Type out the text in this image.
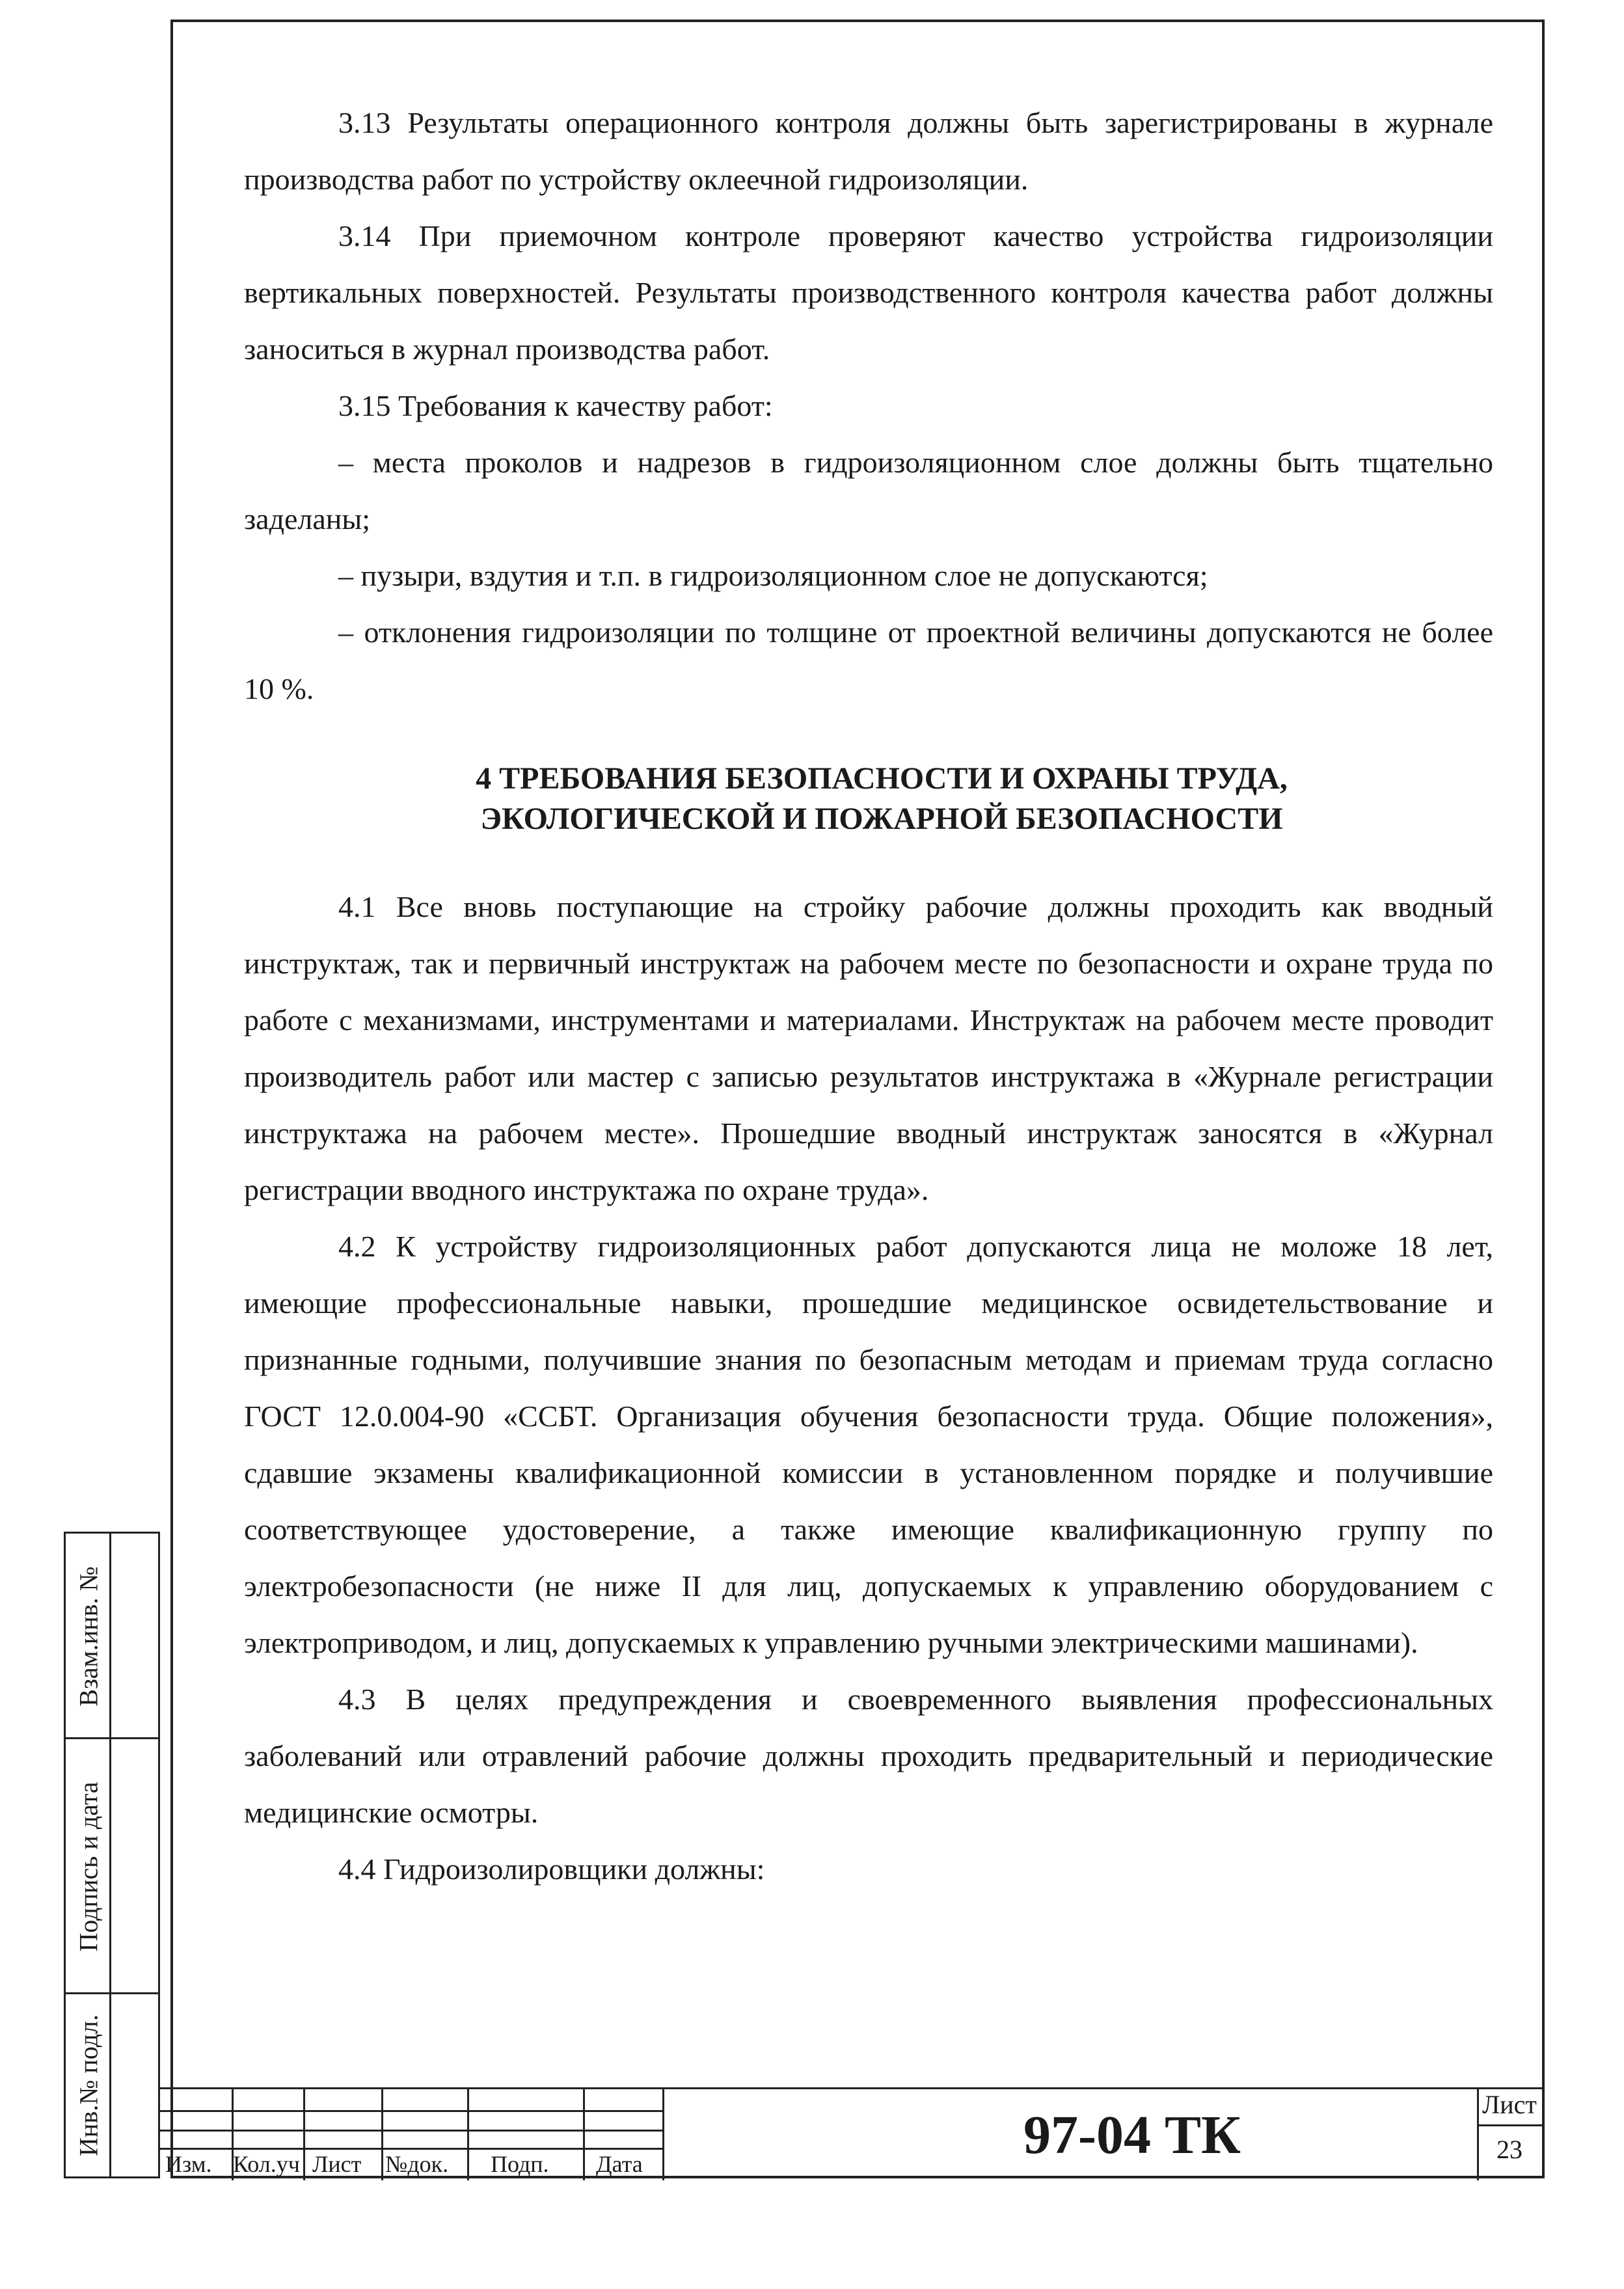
3.13 Результаты операционного контроля должны быть зарегистрированы в журнале производства работ по устройству оклеечной гидроизоляции.

3.14 При приемочном контроле проверяют качество устройства гидроизоляции вертикальных поверхностей. Результаты производственного контроля качества работ должны заноситься в журнал производства работ.

3.15 Требования к качеству работ:

– места проколов и надрезов в гидроизоляционном слое должны быть тщательно заделаны;

– пузыри, вздутия и т.п. в гидроизоляционном слое не допускаются;

– отклонения гидроизоляции по толщине от проектной величины допускаются не более 10 %.

4 ТРЕБОВАНИЯ БЕЗОПАСНОСТИ И ОХРАНЫ ТРУДА,
ЭКОЛОГИЧЕСКОЙ И ПОЖАРНОЙ БЕЗОПАСНОСТИ

4.1 Все вновь поступающие на стройку рабочие должны проходить как вводный инструктаж, так и первичный инструктаж на рабочем месте по безопасности и охране труда по работе с механизмами, инструментами и материалами. Инструктаж на рабочем месте проводит производитель работ или мастер с записью результатов инструктажа в «Журнале регистрации инструктажа на рабочем месте». Прошедшие вводный инструктаж заносятся в «Журнал регистрации вводного инструктажа по охране труда».

4.2 К устройству гидроизоляционных работ допускаются лица не моложе 18 лет, имеющие профессиональные навыки, прошедшие медицинское освидетельствование и признанные годными, получившие знания по безопасным методам и приемам труда согласно ГОСТ 12.0.004-90 «ССБТ. Организация обучения безопасности труда. Общие положения», сдавшие экзамены квалификационной комиссии в установленном порядке и получившие соответствующее удостоверение, а также имеющие квалификационную группу по электробезопасности (не ниже II для лиц, допускаемых к управлению оборудованием с электроприводом, и лиц, допускаемых к управлению ручными электрическими машинами).

4.3 В целях предупреждения и своевременного выявления профессиональных заболеваний или отравлений рабочие должны проходить предварительный и периодические медицинские осмотры.

4.4 Гидроизолировщики должны:

Взам.инв. №
Подпись и дата
Инв.№ подл.
Изм. Кол.уч Лист №док. Подп. Дата	97-04 ТК
Лист
23
